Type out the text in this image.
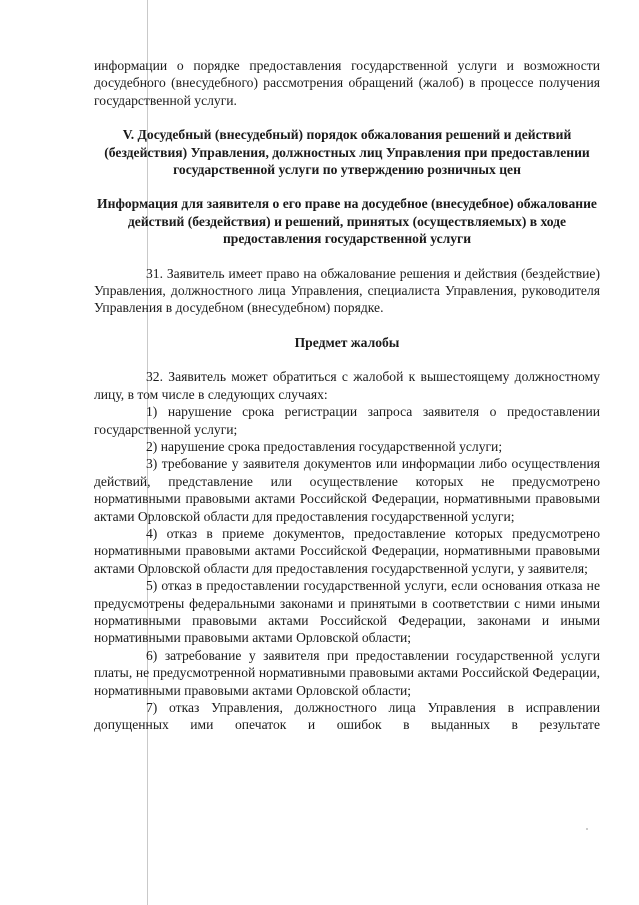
информации о порядке предоставления государственной услуги и возможности досудебного (внесудебного) рассмотрения обращений (жалоб) в процессе получения государственной услуги.

V. Досудебный (внесудебный) порядок обжалования решений и действий (бездействия) Управления, должностных лиц Управления при предоставлении государственной услуги по утверждению розничных цен

Информация для заявителя о его праве на досудебное (внесудебное) обжалование действий (бездействия) и решений, принятых (осуществляемых) в ходе предоставления государственной услуги

31. Заявитель имеет право на обжалование решения и действия (бездействие) Управления, должностного лица Управления, специалиста Управления, руководителя Управления в досудебном (внесудебном) порядке.

Предмет жалобы

32. Заявитель может обратиться с жалобой к вышестоящему должностному лицу, в том числе в следующих случаях:

1) нарушение срока регистрации запроса заявителя о предоставлении государственной услуги;

2) нарушение срока предоставления государственной услуги;

3) требование у заявителя документов или информации либо осуществления действий, представление или осуществление которых не предусмотрено нормативными правовыми актами Российской Федерации, нормативными правовыми актами Орловской области для предоставления государственной услуги;

4) отказ в приеме документов, предоставление которых предусмотрено нормативными правовыми актами Российской Федерации, нормативными правовыми актами Орловской области для предоставления государственной услуги, у заявителя;

5) отказ в предоставлении государственной услуги, если основания отказа не предусмотрены федеральными законами и принятыми в соответствии с ними иными нормативными правовыми актами Российской Федерации, законами и иными нормативными правовыми актами Орловской области;

6) затребование у заявителя при предоставлении государственной услуги платы, не предусмотренной нормативными правовыми актами Российской Федерации, нормативными правовыми актами Орловской области;

7) отказ Управления, должностного лица Управления в исправлении допущенных ими опечаток и ошибок в выданных в результате
